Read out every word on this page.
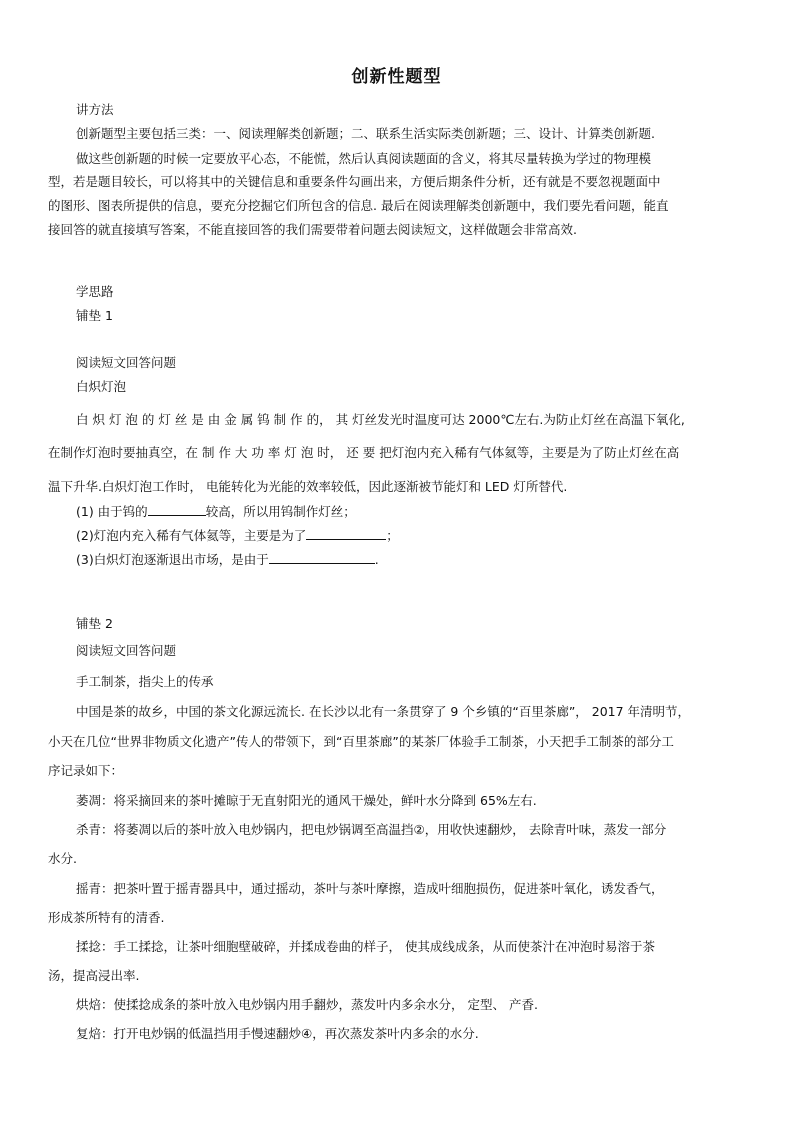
创新性题型
讲方法
创新题型主要包括三类：一、阅读理解类创新题；二、联系生活实际类创新题；三、设计、计算类创新题.
做这些创新题的时候一定要放平心态，不能慌，然后认真阅读题面的含义，将其尽量转换为学过的物理模
型，若是题目较长，可以将其中的关键信息和重要条件勾画出来，方便后期条件分析，还有就是不要忽视题面中
的图形、图表所提供的信息，要充分挖掘它们所包含的信息. 最后在阅读理解类创新题中，我们要先看问题，能直
接回答的就直接填写答案，不能直接回答的我们需要带着问题去阅读短文，这样做题会非常高效.
学思路
铺垫 1
阅读短文回答问题
白炽灯泡
白 炽 灯 泡 的 灯 丝 是 由 金 属 钨 制 作 的， 其 灯丝发光时温度可达 2000℃左右.为防止灯丝在高温下氧化,
在制作灯泡时要抽真空，在 制 作 大 功 率 灯 泡 时， 还 要 把灯泡内充入稀有气体氦等，主要是为了防止灯丝在高
温下升华.白炽灯泡工作时， 电能转化为光能的效率较低，因此逐渐被节能灯和 LED 灯所替代.
(1) 由于钨的	较高，所以用钨制作灯丝；
(2)灯泡内充入稀有气体氦等，主要是为了	；
(3)白炽灯泡逐渐退出市场，是由于	.
铺垫 2
阅读短文回答问题
手工制茶，指尖上的传承
中国是茶的故乡，中国的茶文化源远流长. 在长沙以北有一条贯穿了 9 个乡镇的“百里茶廊”， 2017 年清明节，
小天在几位“世界非物质文化遗产”传人的带领下，到“百里茶廊”的某茶厂体验手工制茶，小天把手工制茶的部分工
序记录如下：
萎凋：将采摘回来的茶叶摊晾于无直射阳光的通风干燥处，鲜叶水分降到 65%左右.
杀青：将萎凋以后的茶叶放入电炒锅内，把电炒锅调至高温挡②，用收快速翻炒， 去除青叶味，蒸发一部分
水分.
摇青：把茶叶置于摇青器具中，通过摇动，茶叶与茶叶摩擦，造成叶细胞损伤，促进茶叶氧化，诱发香气，
形成茶所特有的清香.
揉捻：手工揉捻，让茶叶细胞壁破碎，并揉成卷曲的样子， 使其成线成条，从而使茶汁在冲泡时易溶于茶
汤，提高浸出率.
烘焙：使揉捻成条的茶叶放入电炒锅内用手翻炒，蒸发叶内多余水分， 定型、 产香.
复焙：打开电炒锅的低温挡用手慢速翻炒④，再次蒸发茶叶内多余的水分.
